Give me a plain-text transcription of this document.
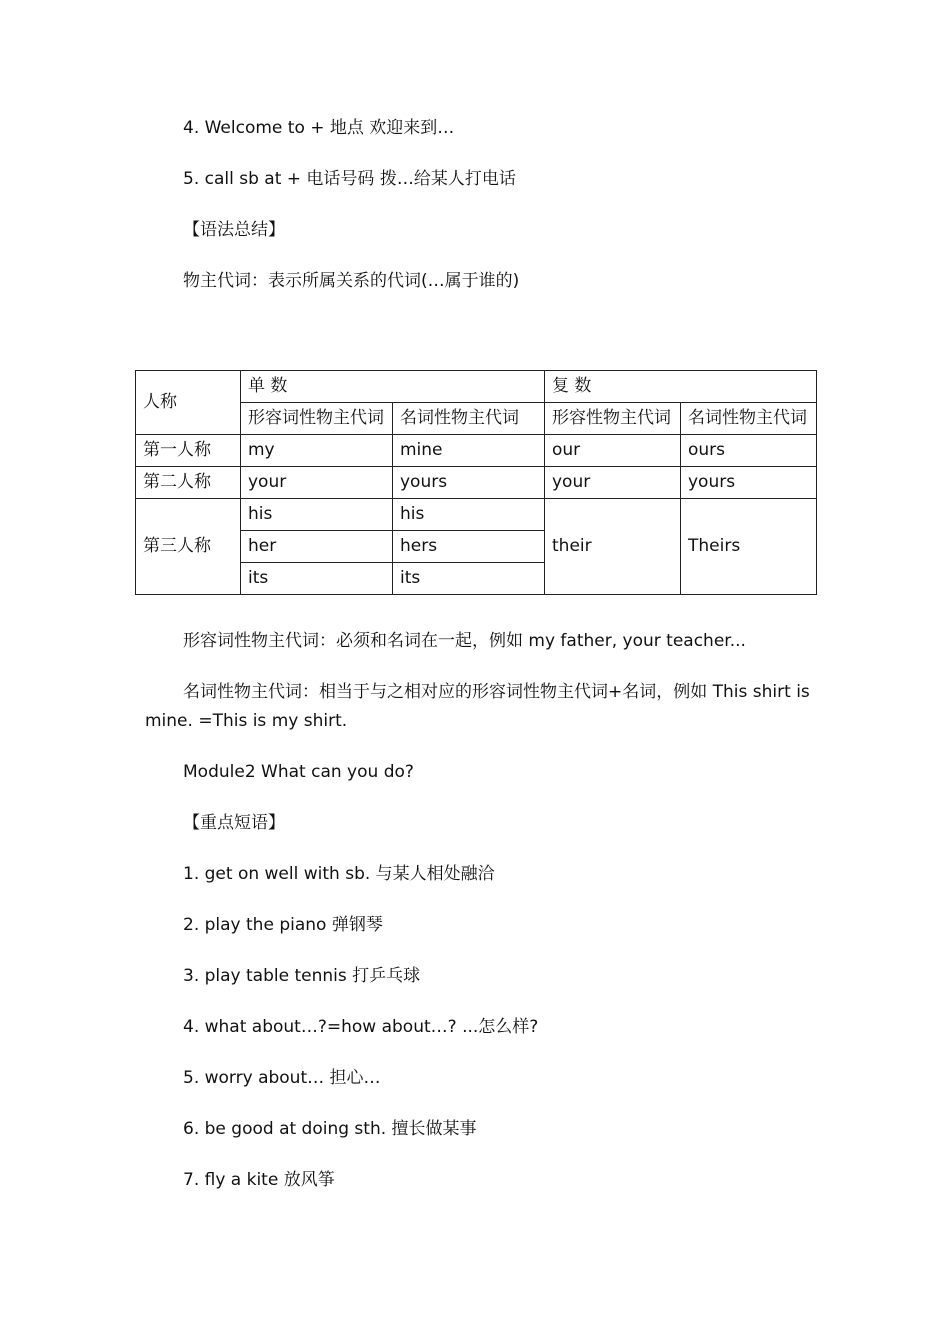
4. Welcome to + 地点 欢迎来到…
5. call sb at + 电话号码 拨…给某人打电话
【语法总结】
物主代词：表示所属关系的代词(…属于谁的)
人称	单 数		复 数	
	形容词性物主代词	名词性物主代词	形容性物主代词	名词性物主代词
第一人称	my	mine	our	ours
第二人称	your	yours	your	yours
第三人称	his	his	their	Theirs
	her	hers		
	its	its		
形容词性物主代词：必须和名词在一起，例如 my father, your teacher...
名词性物主代词：相当于与之相对应的形容词性物主代词+名词，例如 This shirt is mine. =This is my shirt.
Module2 What can you do?
【重点短语】
1. get on well with sb. 与某人相处融洽
2. play the piano 弹钢琴
3. play table tennis 打乒乓球
4. what about…?=how about…? ...怎么样?
5. worry about… 担心…
6. be good at doing sth. 擅长做某事
7. fly a kite 放风筝
